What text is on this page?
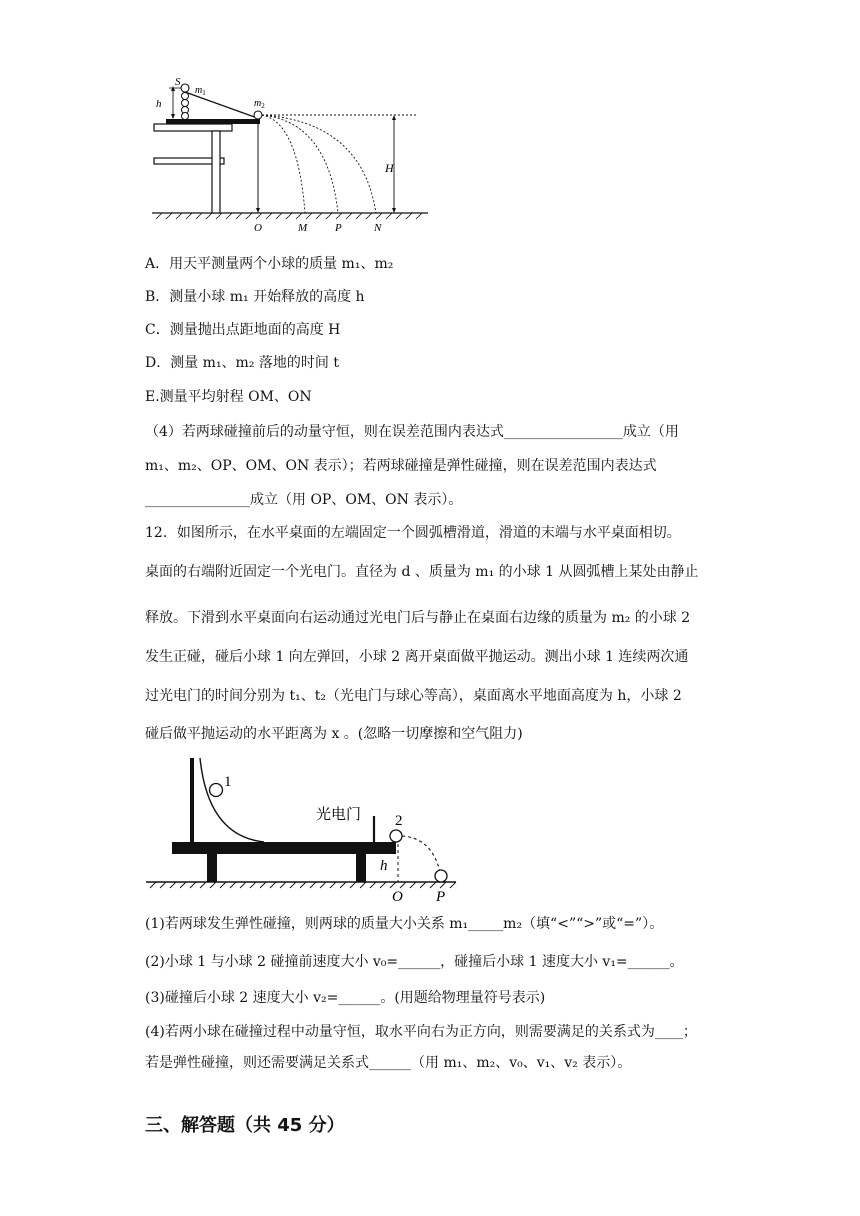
S
$m_1$
h	$m_2$
H
O	M	P	N
A．用天平测量两个小球的质量 m₁、m₂
B．测量小球 m₁ 开始释放的高度 h
C．测量抛出点距地面的高度 H
D．测量 m₁、m₂ 落地的时间 t
E.测量平均射程 OM、ON
（4）若两球碰撞前后的动量守恒，则在误差范围内表达式_________________成立（用
m₁、m₂、OP、OM、ON 表示）；若两球碰撞是弹性碰撞，则在误差范围内表达式
_______________成立（用 OP、OM、ON 表示）。
12．如图所示，在水平桌面的左端固定一个圆弧槽滑道，滑道的末端与水平桌面相切。
桌面的右端附近固定一个光电门。直径为 d 、质量为 m₁ 的小球 1 从圆弧槽上某处由静止
释放。下滑到水平桌面向右运动通过光电门后与静止在桌面右边缘的质量为 m₂ 的小球 2
发生正碰，碰后小球 1 向左弹回，小球 2 离开桌面做平抛运动。测出小球 1 连续两次通
过光电门的时间分别为 t₁、t₂（光电门与球心等高），桌面离水平地面高度为 h，小球 2
碰后做平抛运动的水平距离为 x 。(忽略一切摩擦和空气阻力)
1
光电门 2
h
O P
(1)若两球发生弹性碰撞，则两球的质量大小关系 m₁_____m₂（填“<”“>”或“=”）。
(2)小球 1 与小球 2 碰撞前速度大小 v₀=______，碰撞后小球 1 速度大小 v₁=______。
(3)碰撞后小球 2 速度大小 v₂=______。(用题给物理量符号表示)
(4)若两小球在碰撞过程中动量守恒，取水平向右为正方向，则需要满足的关系式为____；
若是弹性碰撞，则还需要满足关系式______（用 m₁、m₂、v₀、v₁、v₂ 表示）。
三、解答题（共 45 分）
